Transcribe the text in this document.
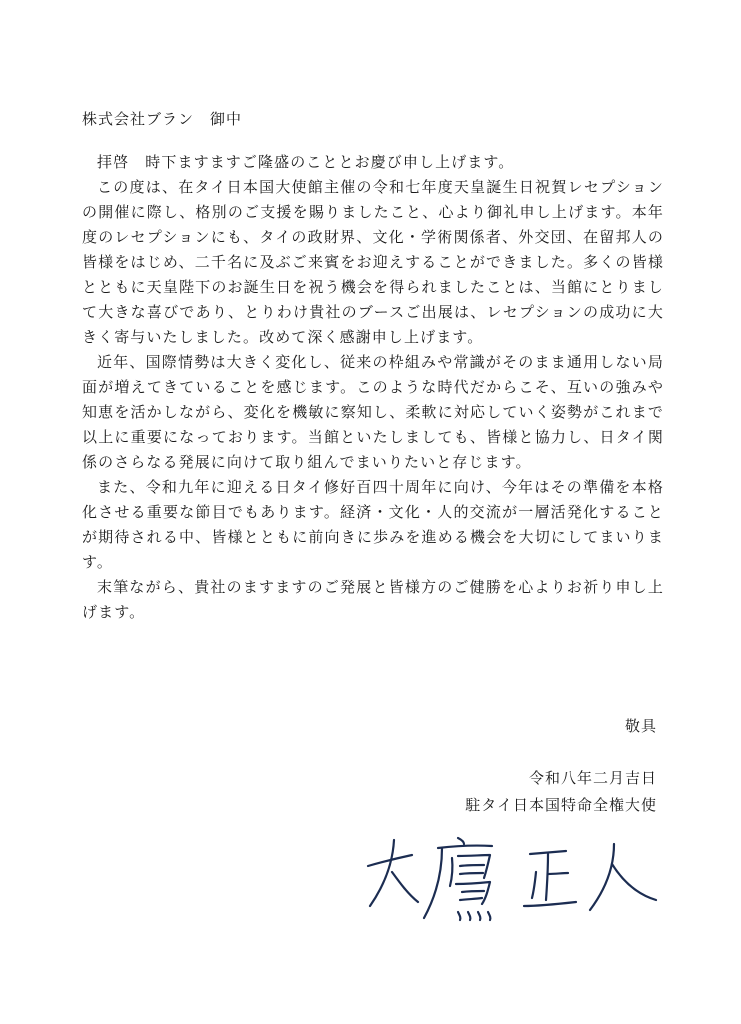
株式会社ブラン　御中

拝啓　時下ますますご隆盛のこととお慶び申し上げます。

この度は、在タイ日本国大使館主催の令和七年度天皇誕生日祝賀レセプションの開催に際し、格別のご支援を賜りましたこと、心より御礼申し上げます。本年度のレセプションにも、タイの政財界、文化・学術関係者、外交団、在留邦人の皆様をはじめ、二千名に及ぶご来賓をお迎えすることができました。多くの皆様とともに天皇陛下のお誕生日を祝う機会を得られましたことは、当館にとりまして大きな喜びであり、とりわけ貴社のブースご出展は、レセプションの成功に大きく寄与いたしました。改めて深く感謝申し上げます。

近年、国際情勢は大きく変化し、従来の枠組みや常識がそのまま通用しない局面が増えてきていることを感じます。このような時代だからこそ、互いの強みや知恵を活かしながら、変化を機敏に察知し、柔軟に対応していく姿勢がこれまで以上に重要になっております。当館といたしましても、皆様と協力し、日タイ関係のさらなる発展に向けて取り組んでまいりたいと存じます。

また、令和九年に迎える日タイ修好百四十周年に向け、今年はその準備を本格化させる重要な節目でもあります。経済・文化・人的交流が一層活発化することが期待される中、皆様とともに前向きに歩みを進める機会を大切にしてまいります。

末筆ながら、貴社のますますのご発展と皆様方のご健勝を心よりお祈り申し上げます。

敬具
令和八年二月吉日
駐タイ日本国特命全権大使
